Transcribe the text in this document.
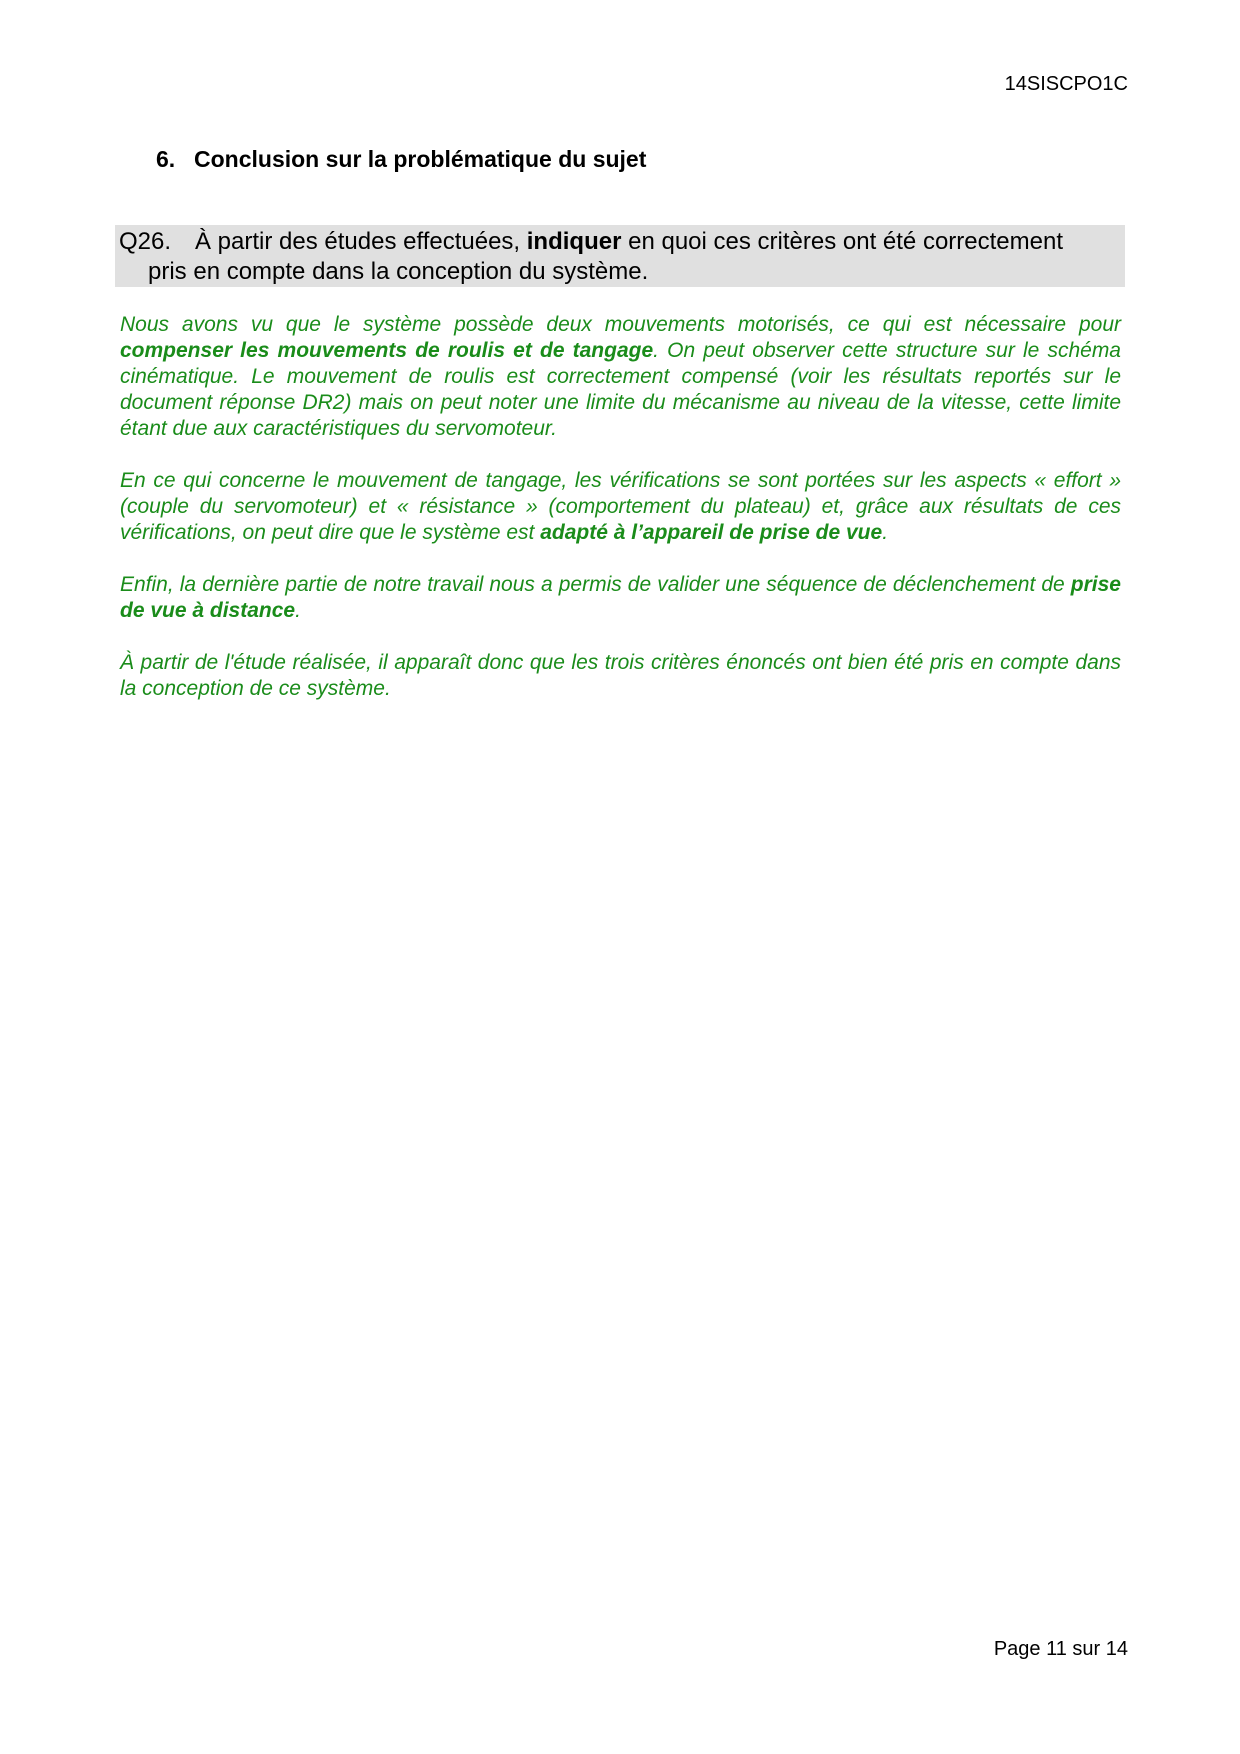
14SISCPO1C
6. Conclusion sur la problématique du sujet
Q26. À partir des études effectuées, indiquer en quoi ces critères ont été correctement
pris en compte dans la conception du système.

Nous avons vu que le système possède deux mouvements motorisés, ce qui est nécessaire pour compenser les mouvements de roulis et de tangage. On peut observer cette structure sur le schéma cinématique. Le mouvement de roulis est correctement compensé (voir les résultats reportés sur le document réponse DR2) mais on peut noter une limite du mécanisme au niveau de la vitesse, cette limite étant due aux caractéristiques du servomoteur.

En ce qui concerne le mouvement de tangage, les vérifications se sont portées sur les aspects « effort » (couple du servomoteur) et « résistance » (comportement du plateau) et, grâce aux résultats de ces vérifications, on peut dire que le système est adapté à l’appareil de prise de vue.

Enfin, la dernière partie de notre travail nous a permis de valider une séquence de déclenchement de prise de vue à distance.

À partir de l'étude réalisée, il apparaît donc que les trois critères énoncés ont bien été pris en compte dans la conception de ce système.

Page 11 sur 14
